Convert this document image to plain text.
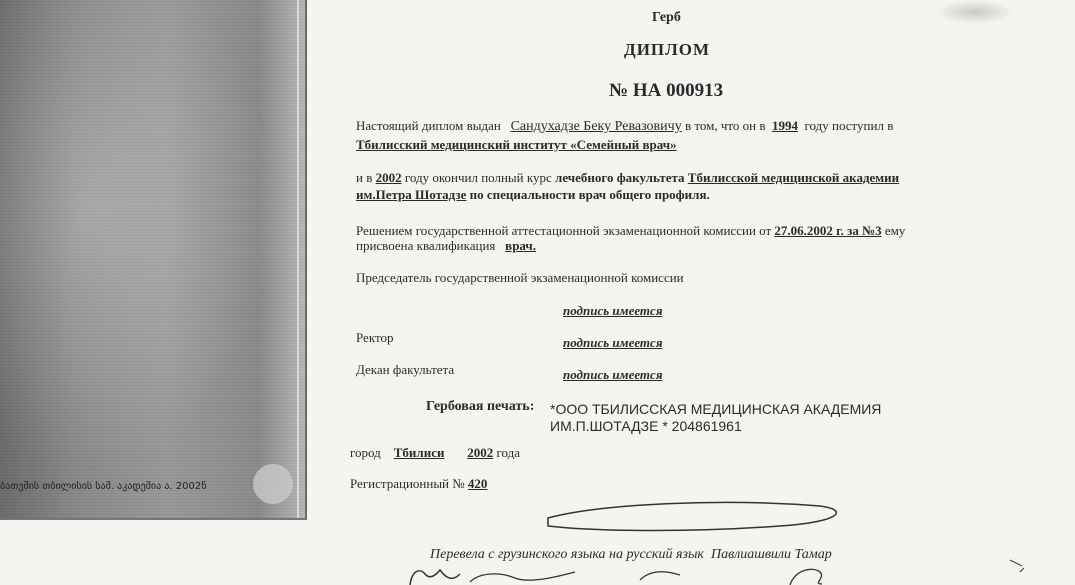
ბათუმის თბილისის სამ. აკადემია ა. 2002წ
Герб
ДИПЛОМ
№ НА 000913
Настоящий диплом выдан Сандухадзе Беку Ревазовичу в том, что он в 1994 году поступил в
Тбилисский медицинский институт «Семейный врач»
и в 2002 году окончил полный курс лечебного факультета Тбилисской медицинской академии
им.Петра Шотадзе по специальности врач общего профиля.
Решением государственной аттестационной экзаменационной комиссии от 27.06.2002 г. за №3 ему
присвоена квалификация врач.
Председатель государственной экзаменационной комиссии
подпись имеется
Ректор	подпись имеется
Декан факультета	подпись имеется
Гербовая печать: *ООО ТБИЛИССКАЯ МЕДИЦИНСКАЯ АКАДЕМИЯ
ИМ.П.ШОТАДЗЕ * 204861961
город Тбилиси 2002 года
Регистрационный № 420
Перевела с грузинского языка на русский язык Павлиашвили Тамар
